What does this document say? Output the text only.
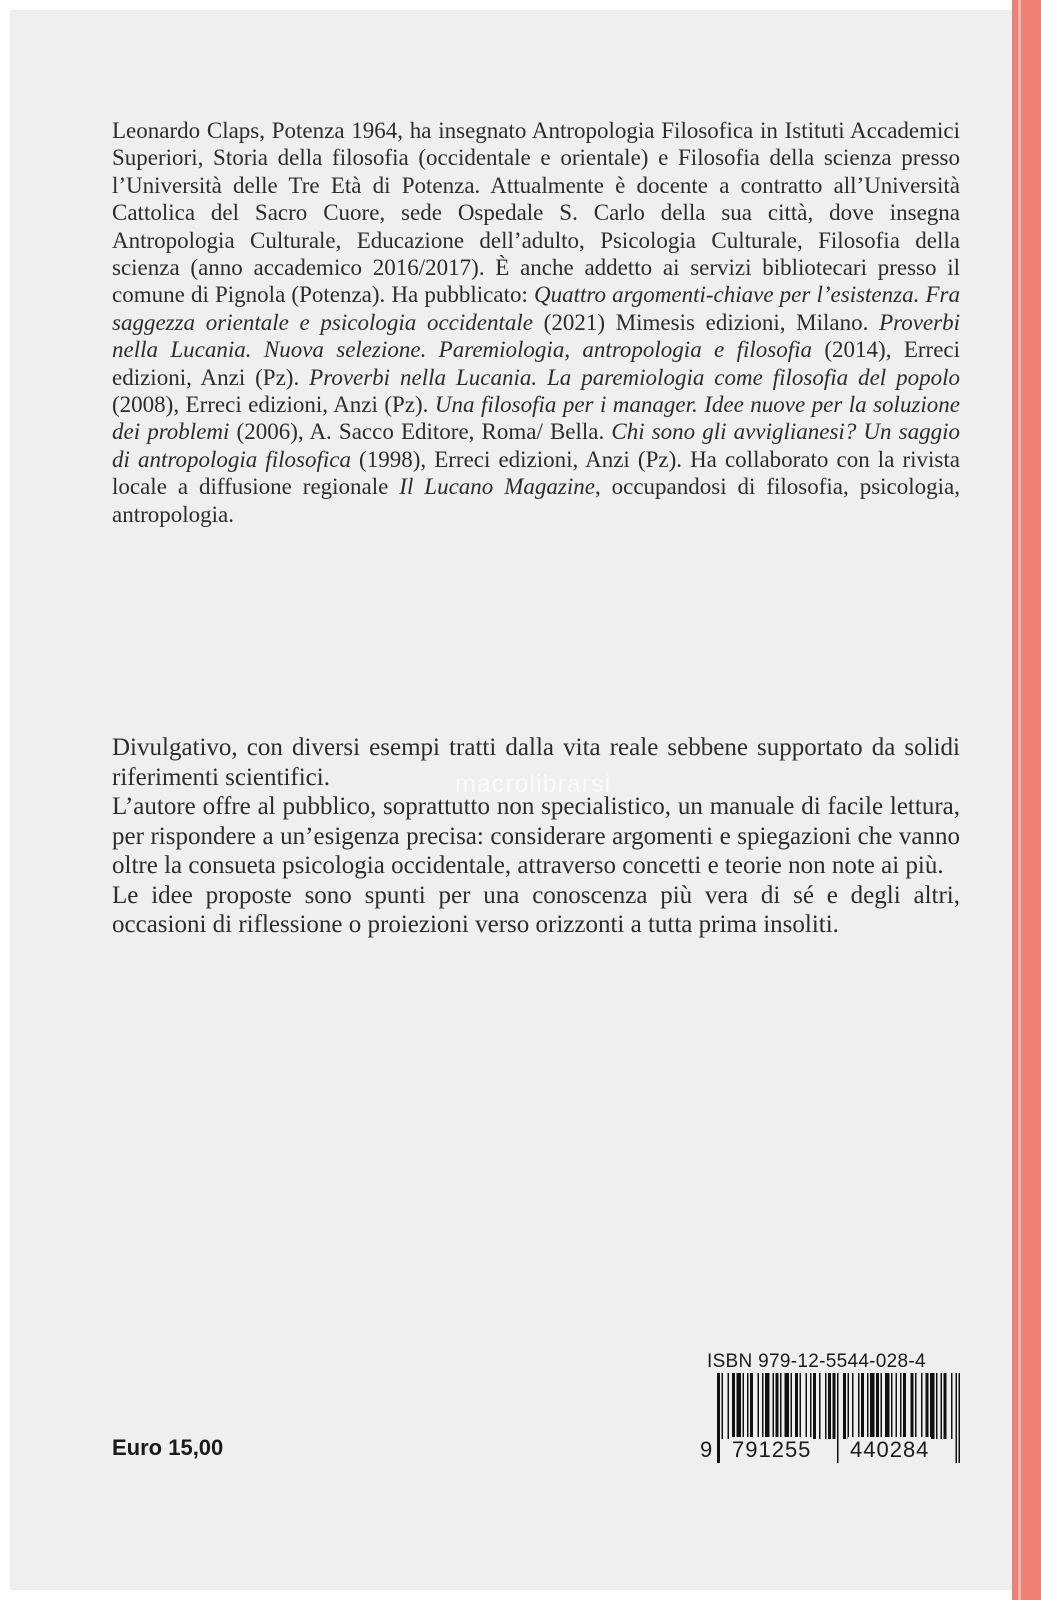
Leonardo Claps, Potenza 1964, ha insegnato Antropologia Filosofica in Istituti Accademici Superiori, Storia della filosofia (occidentale e orientale) e Filosofia della scienza presso l’Università delle Tre Età di Potenza. Attualmente è docente a contratto all’Università Cattolica del Sacro Cuore, sede Ospedale S. Carlo della sua città, dove insegna Antropologia Culturale, Educazione dell’adulto, Psicologia Culturale, Filosofia della scienza (anno accademico 2016/2017). È anche addetto ai servizi bibliotecari presso il comune di Pignola (Potenza). Ha pubblicato: Quattro argomenti-chiave per l’esistenza. Fra saggezza orientale e psicologia occidentale (2021) Mimesis edizioni, Milano. Proverbi nella Lucania. Nuova selezione. Paremiologia, antropologia e filosofia (2014), Erreci edizioni, Anzi (Pz). Proverbi nella Lucania. La paremiologia come filosofia del popolo (2008), Erreci edizioni, Anzi (Pz). Una filosofia per i manager. Idee nuove per la soluzione dei problemi (2006), A. Sacco Editore, Roma/ Bella. Chi sono gli avviglianesi? Un saggio di antropologia filosofica (1998), Erreci edizioni, Anzi (Pz). Ha collaborato con la rivista locale a diffusione regionale Il Lucano Magazine, occupandosi di filosofia, psicologia, antropologia.

Divulgativo, con diversi esempi tratti dalla vita reale sebbene supportato da solidi riferimenti scientifici.

L’autore offre al pubblico, soprattutto non specialistico, un manuale di facile lettura, per rispondere a un’esigenza precisa: considerare argomenti e spiegazioni che vanno oltre la consueta psicologia occidentale, attraverso concetti e teorie non note ai più.

Le idee proposte sono spunti per una conoscenza più vera di sé e degli altri, occasioni di riflessione o proiezioni verso orizzonti a tutta prima insoliti.

macrolibrarsi
ISBN 979-12-5544-028-4
9 791255 440284
Euro 15,00
